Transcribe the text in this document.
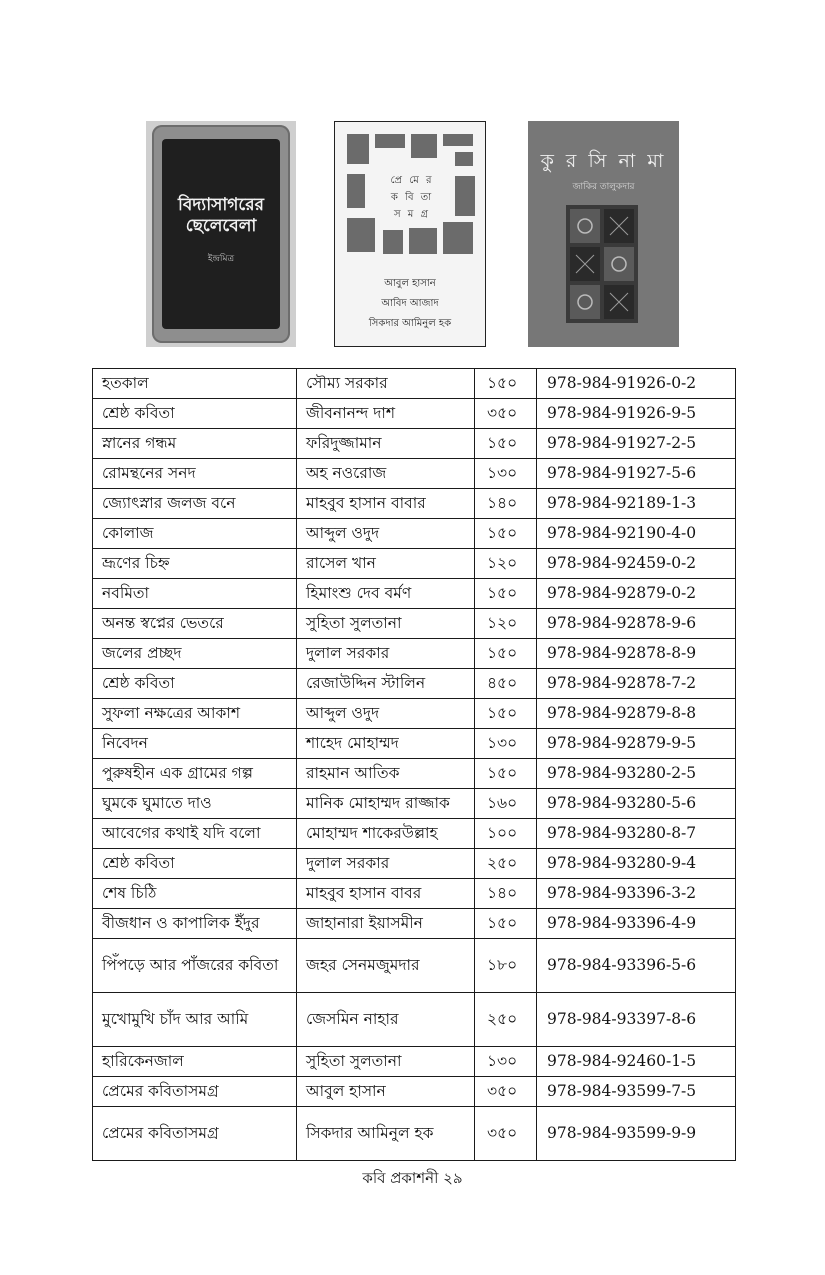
বিদ্যাসাগরের ছেলেবেলা
ইন্দ্রমিত্র
প্রে মে র
ক বি তা
স ম গ্র
আবুল হাসান
আবিদ আজাদ
সিকদার আমিনুল হক
কু র সি না মা
জাকির তালুকদার
হতকাল	সৌম্য সরকার	১৫০	978-984-91926-0-2
শ্রেষ্ঠ কবিতা	জীবনানন্দ দাশ	৩৫০	978-984-91926-9-5
স্নানের গন্ধম	ফরিদুজ্জামান	১৫০	978-984-91927-2-5
রোমন্থনের সনদ	অহ নওরোজ	১৩০	978-984-91927-5-6
জ্যোৎস্নার জলজ বনে	মাহবুব হাসান বাবার	১৪০	978-984-92189-1-3
কোলাজ	আব্দুল ওদুদ	১৫০	978-984-92190-4-0
ভ্রূণের চিহ্ন	রাসেল খান	১২০	978-984-92459-0-2
নবমিতা	হিমাংশু দেব বর্মণ	১৫০	978-984-92879-0-2
অনন্ত স্বপ্নের ভেতরে	সুহিতা সুলতানা	১২০	978-984-92878-9-6
জলের প্রচ্ছদ	দুলাল সরকার	১৫০	978-984-92878-8-9
শ্রেষ্ঠ কবিতা	রেজাউদ্দিন স্টালিন	৪৫০	978-984-92878-7-2
সুফলা নক্ষত্রের আকাশ	আব্দুল ওদুদ	১৫০	978-984-92879-8-8
নিবেদন	শাহেদ মোহাম্মদ	১৩০	978-984-92879-9-5
পুরুষহীন এক গ্রামের গল্প	রাহমান আতিক	১৫০	978-984-93280-2-5
ঘুমকে ঘুমাতে দাও	মানিক মোহাম্মদ রাজ্জাক	১৬০	978-984-93280-5-6
আবেগের কথাই যদি বলো	মোহাম্মদ শাকেরউল্লাহ	১০০	978-984-93280-8-7
শ্রেষ্ঠ কবিতা	দুলাল সরকার	২৫০	978-984-93280-9-4
শেষ চিঠি	মাহবুব হাসান বাবর	১৪০	978-984-93396-3-2
বীজধান ও কাপালিক ইঁদুর	জাহানারা ইয়াসমীন	১৫০	978-984-93396-4-9
পিঁপড়ে আর পাঁজরের কবিতা	জহর সেনমজুমদার	১৮০	978-984-93396-5-6
মুখোমুখি চাঁদ আর আমি	জেসমিন নাহার	২৫০	978-984-93397-8-6
হারিকেনজাল	সুহিতা সুলতানা	১৩০	978-984-92460-1-5
প্রেমের কবিতাসমগ্র	আবুল হাসান	৩৫০	978-984-93599-7-5
প্রেমের কবিতাসমগ্র	সিকদার আমিনুল হক	৩৫০	978-984-93599-9-9
কবি প্রকাশনী ২৯
